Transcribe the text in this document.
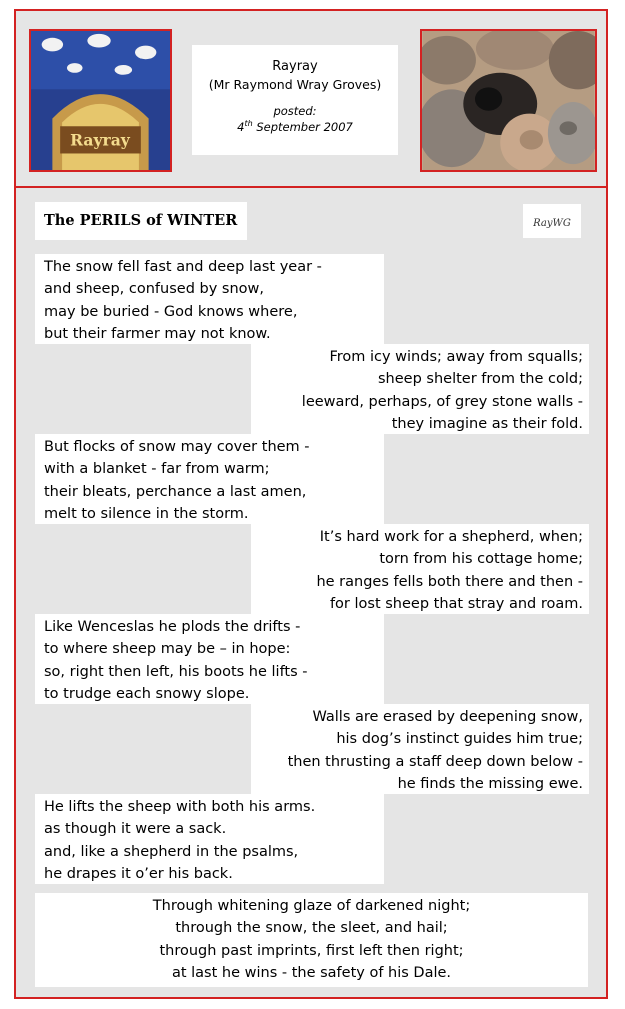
Rayray
Rayray
(Mr Raymond Wray Groves)
posted:
4th September 2007
The PERILS of WINTER	RayWG
The snow fell fast and deep last year -
and sheep, confused by snow,
may be buried - God knows where,
but their farmer may not know.
From icy winds; away from squalls;
sheep shelter from the cold;
leeward, perhaps, of grey stone walls -
they imagine as their fold.
But flocks of snow may cover them -
with a blanket - far from warm;
their bleats, perchance a last amen,
melt to silence in the storm.
It’s hard work for a shepherd, when;
torn from his cottage home;
he ranges fells both there and then -
for lost sheep that stray and roam.
Like Wenceslas he plods the drifts -
to where sheep may be – in hope:
so, right then left, his boots he lifts -
to trudge each snowy slope.
Walls are erased by deepening snow,
his dog’s instinct guides him true;
then thrusting a staff deep down below -
he finds the missing ewe.
He lifts the sheep with both his arms.
as though it were a sack.
and, like a shepherd in the psalms,
he drapes it o’er his back.
Through whitening glaze of darkened night;
through the snow, the sleet, and hail;
through past imprints, first left then right;
at last he wins - the safety of his Dale.
